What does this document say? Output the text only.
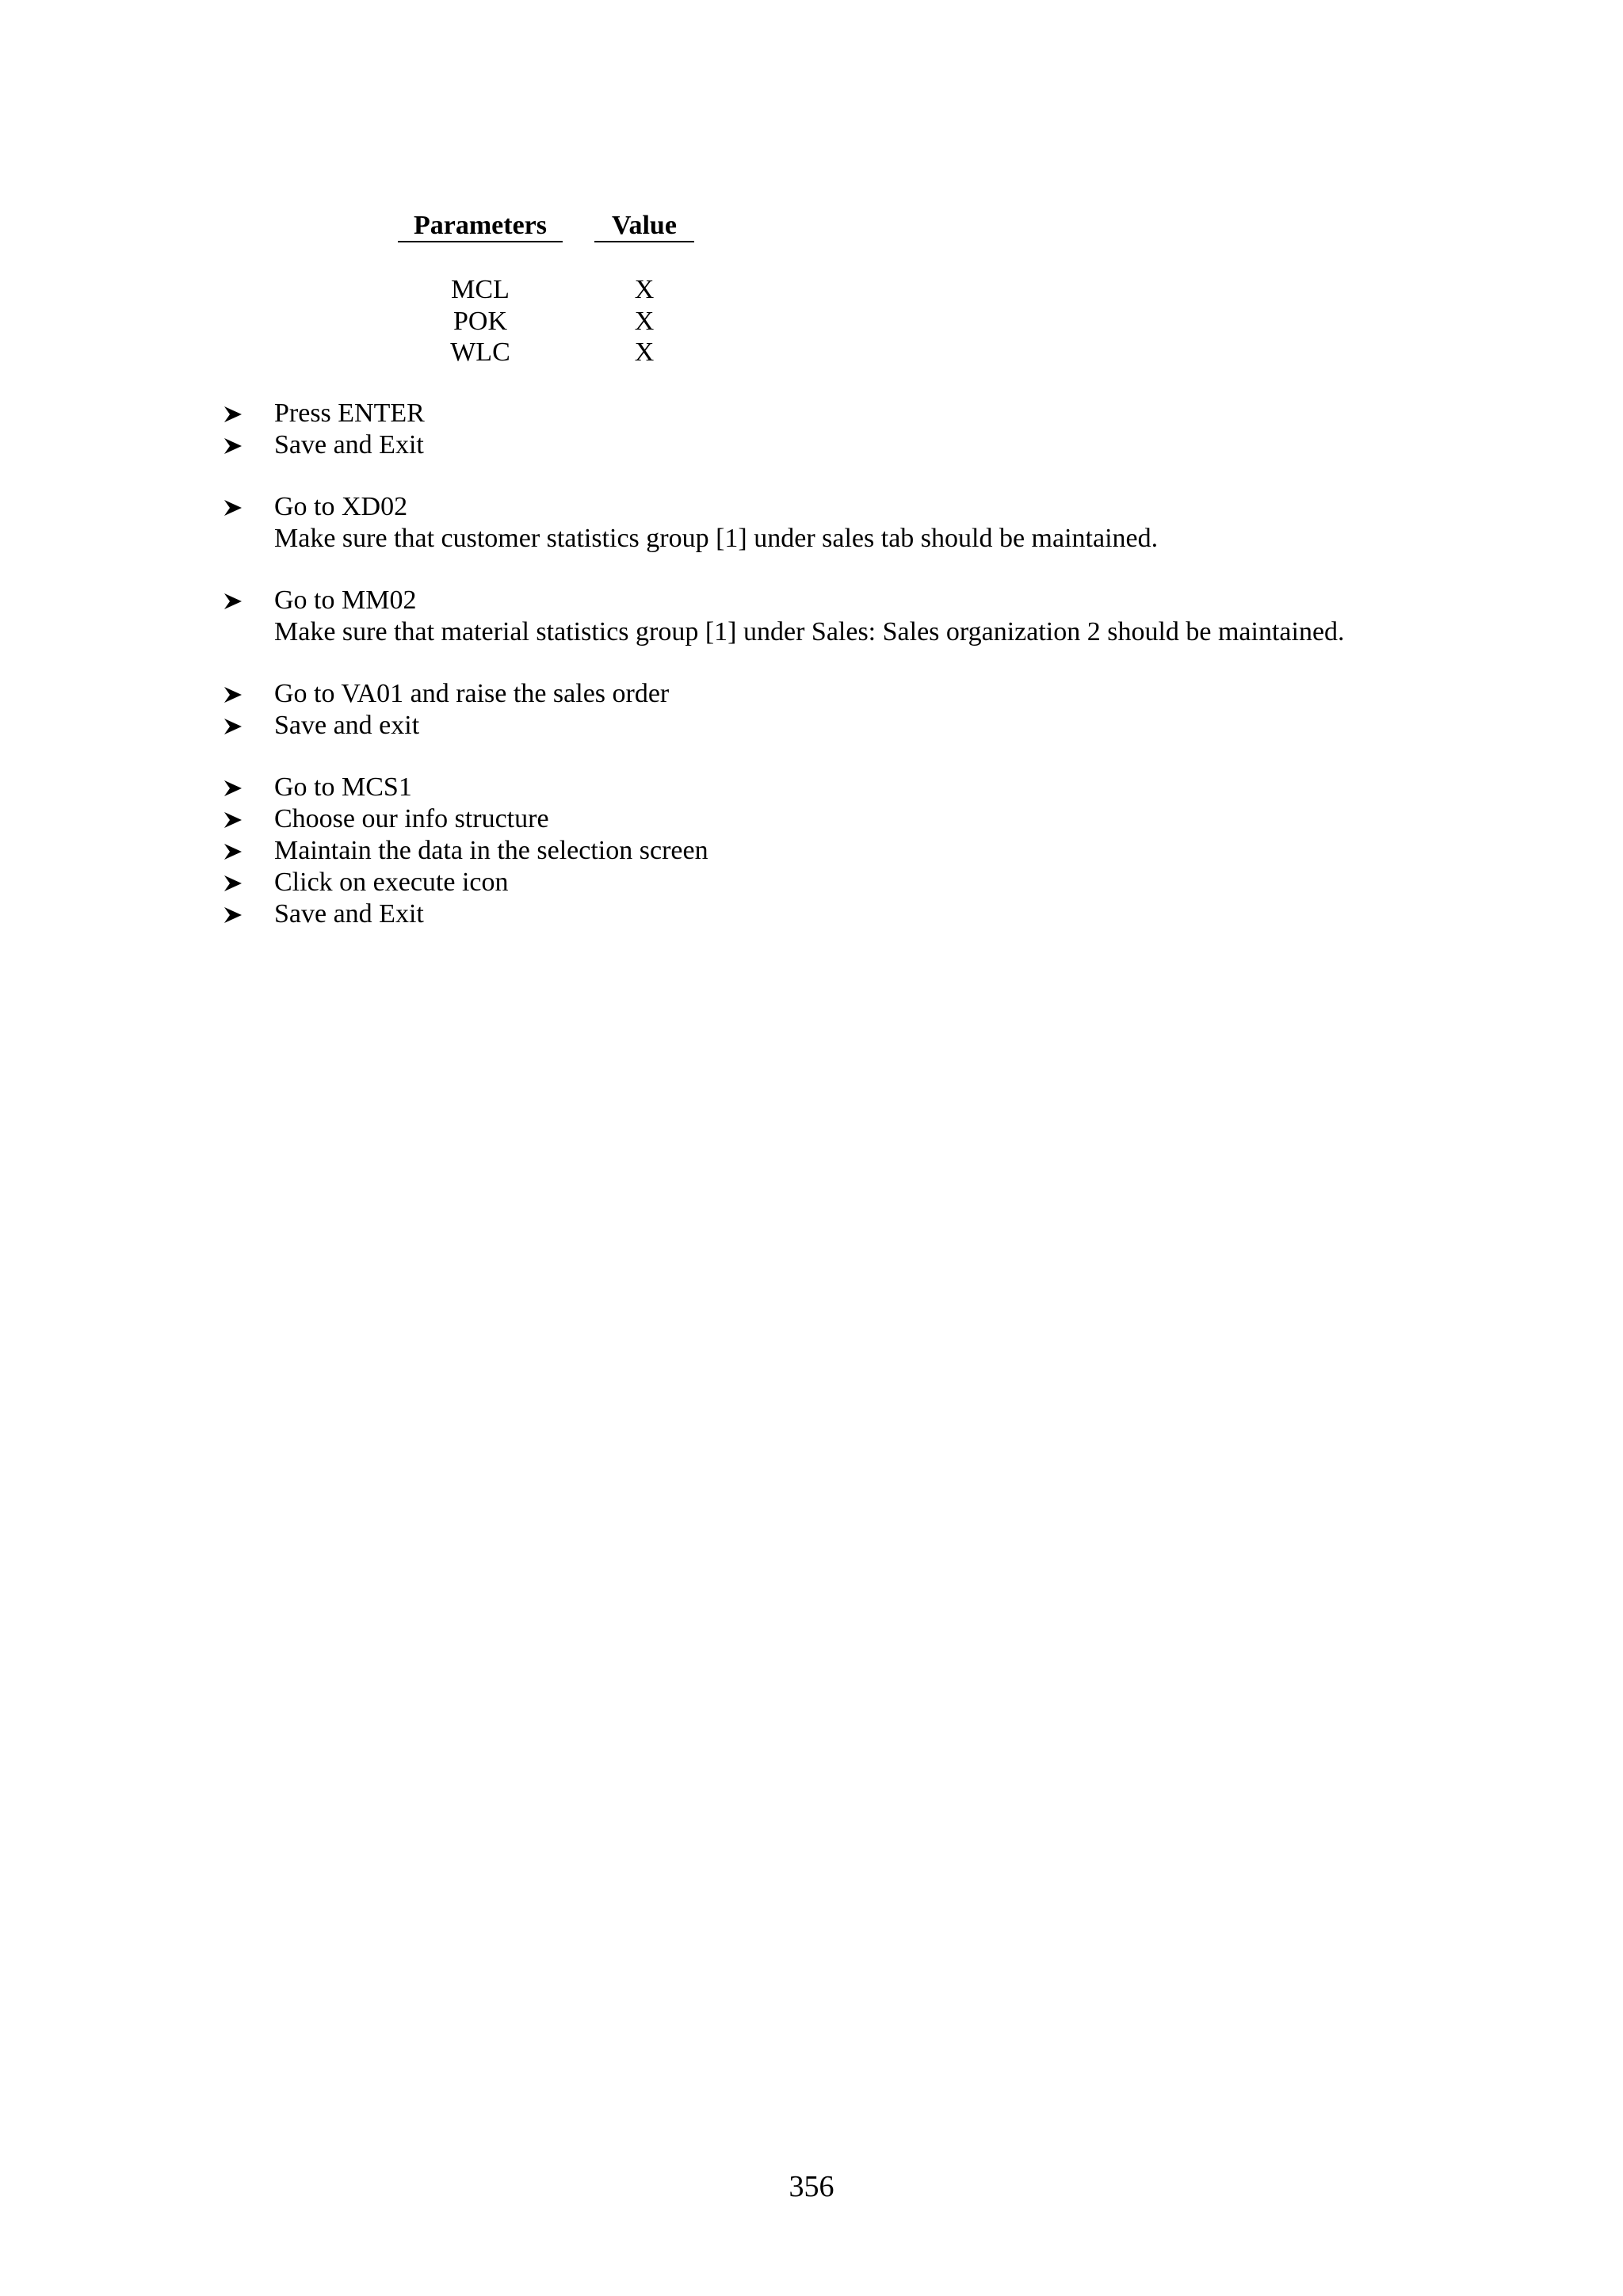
Parameters	Value
MCL	X
POK	X
WLC	X
Press ENTER
Save and Exit
Go to XD02
Make sure that customer statistics group [1] under sales tab should be maintained.
Go to MM02
Make sure that material statistics group [1] under Sales: Sales organization 2 should be maintained.
Go to VA01 and raise the sales order
Save and exit
Go to MCS1
Choose our info structure
Maintain the data in the selection screen
Click on execute icon
Save and Exit
356
